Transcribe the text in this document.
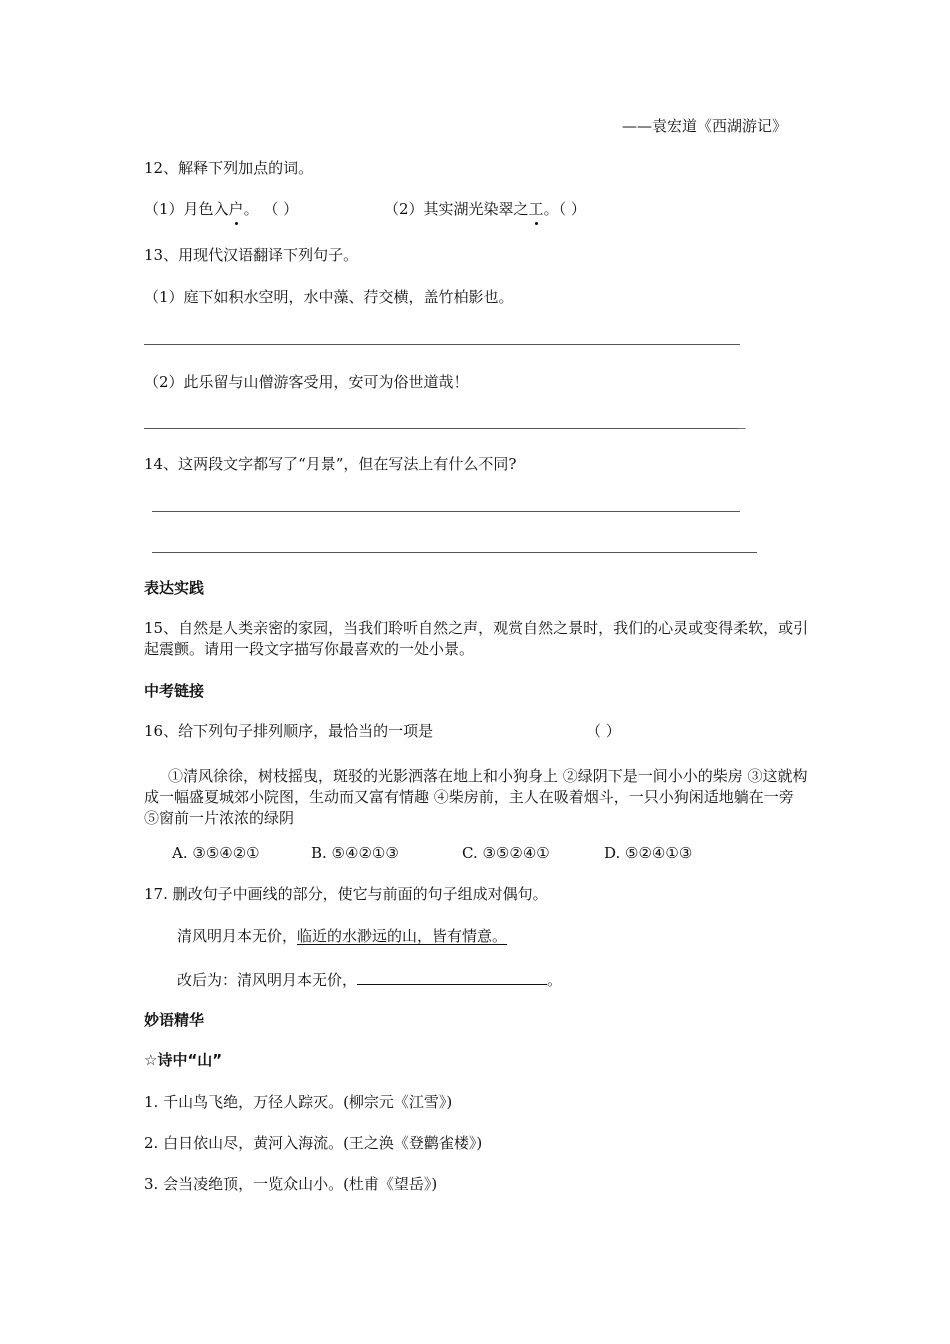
——袁宏道《西湖游记》
12、解释下列加点的词。
（1）月色入户。 （ ）	（2）其实湖光染翠之工。（ ）
13、用现代汉语翻译下列句子。
（1）庭下如积水空明，水中藻、荇交横，盖竹柏影也。
（2）此乐留与山僧游客受用，安可为俗世道哉！
_
14、这两段文字都写了“月景”，但在写法上有什么不同?
表达实践
15、自然是人类亲密的家园，当我们聆听自然之声，观赏自然之景时，我们的心灵或变得柔软，或引起震颤。请用一段文字描写你最喜欢的一处小景。
中考链接
16、给下列句子排列顺序，最恰当的一项是	（ ）
①清风徐徐，树枝摇曳，斑驳的光影洒落在地上和小狗身上 ②绿阴下是一间小小的柴房 ③这就构成一幅盛夏城郊小院图，生动而又富有情趣 ④柴房前，主人在吸着烟斗，一只小狗闲适地躺在一旁 ⑤窗前一片浓浓的绿阴
A. ③⑤④②①	B. ⑤④②①③	C. ③⑤②④①	D. ⑤②④①③
17. 删改句子中画线的部分，使它与前面的句子组成对偶句。
清风明月本无价，临近的水渺远的山，皆有情意。
改后为：清风明月本无价，	。
妙语精华
☆诗中“山”
1. 千山鸟飞绝，万径人踪灭。(柳宗元《江雪》)
2. 白日依山尽，黄河入海流。(王之涣《登鹳雀楼》)
3. 会当凌绝顶，一览众山小。(杜甫《望岳》)
